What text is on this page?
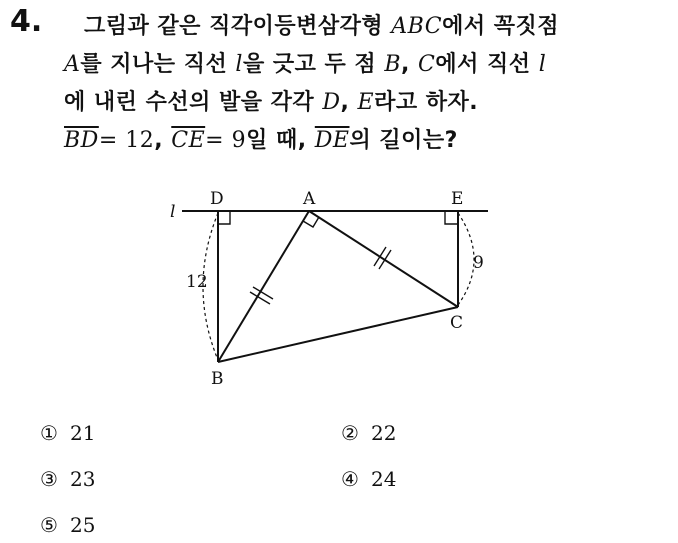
4. 그림과 같은 직각이등변삼각형 ABC에서 꼭짓점
A를 지나는 직선 l을 긋고 두 점 B, C에서 직선 l
에 내린 수선의 발을 각각 D, E라고 하자.
$\overline{BD}= 12$, $\overline{CE}= 9$일 때, $\overline{DE}$의 길이는?
l
D	A	E
B
C
12
9
① 21	② 22
③ 23	④ 24
⑤ 25
